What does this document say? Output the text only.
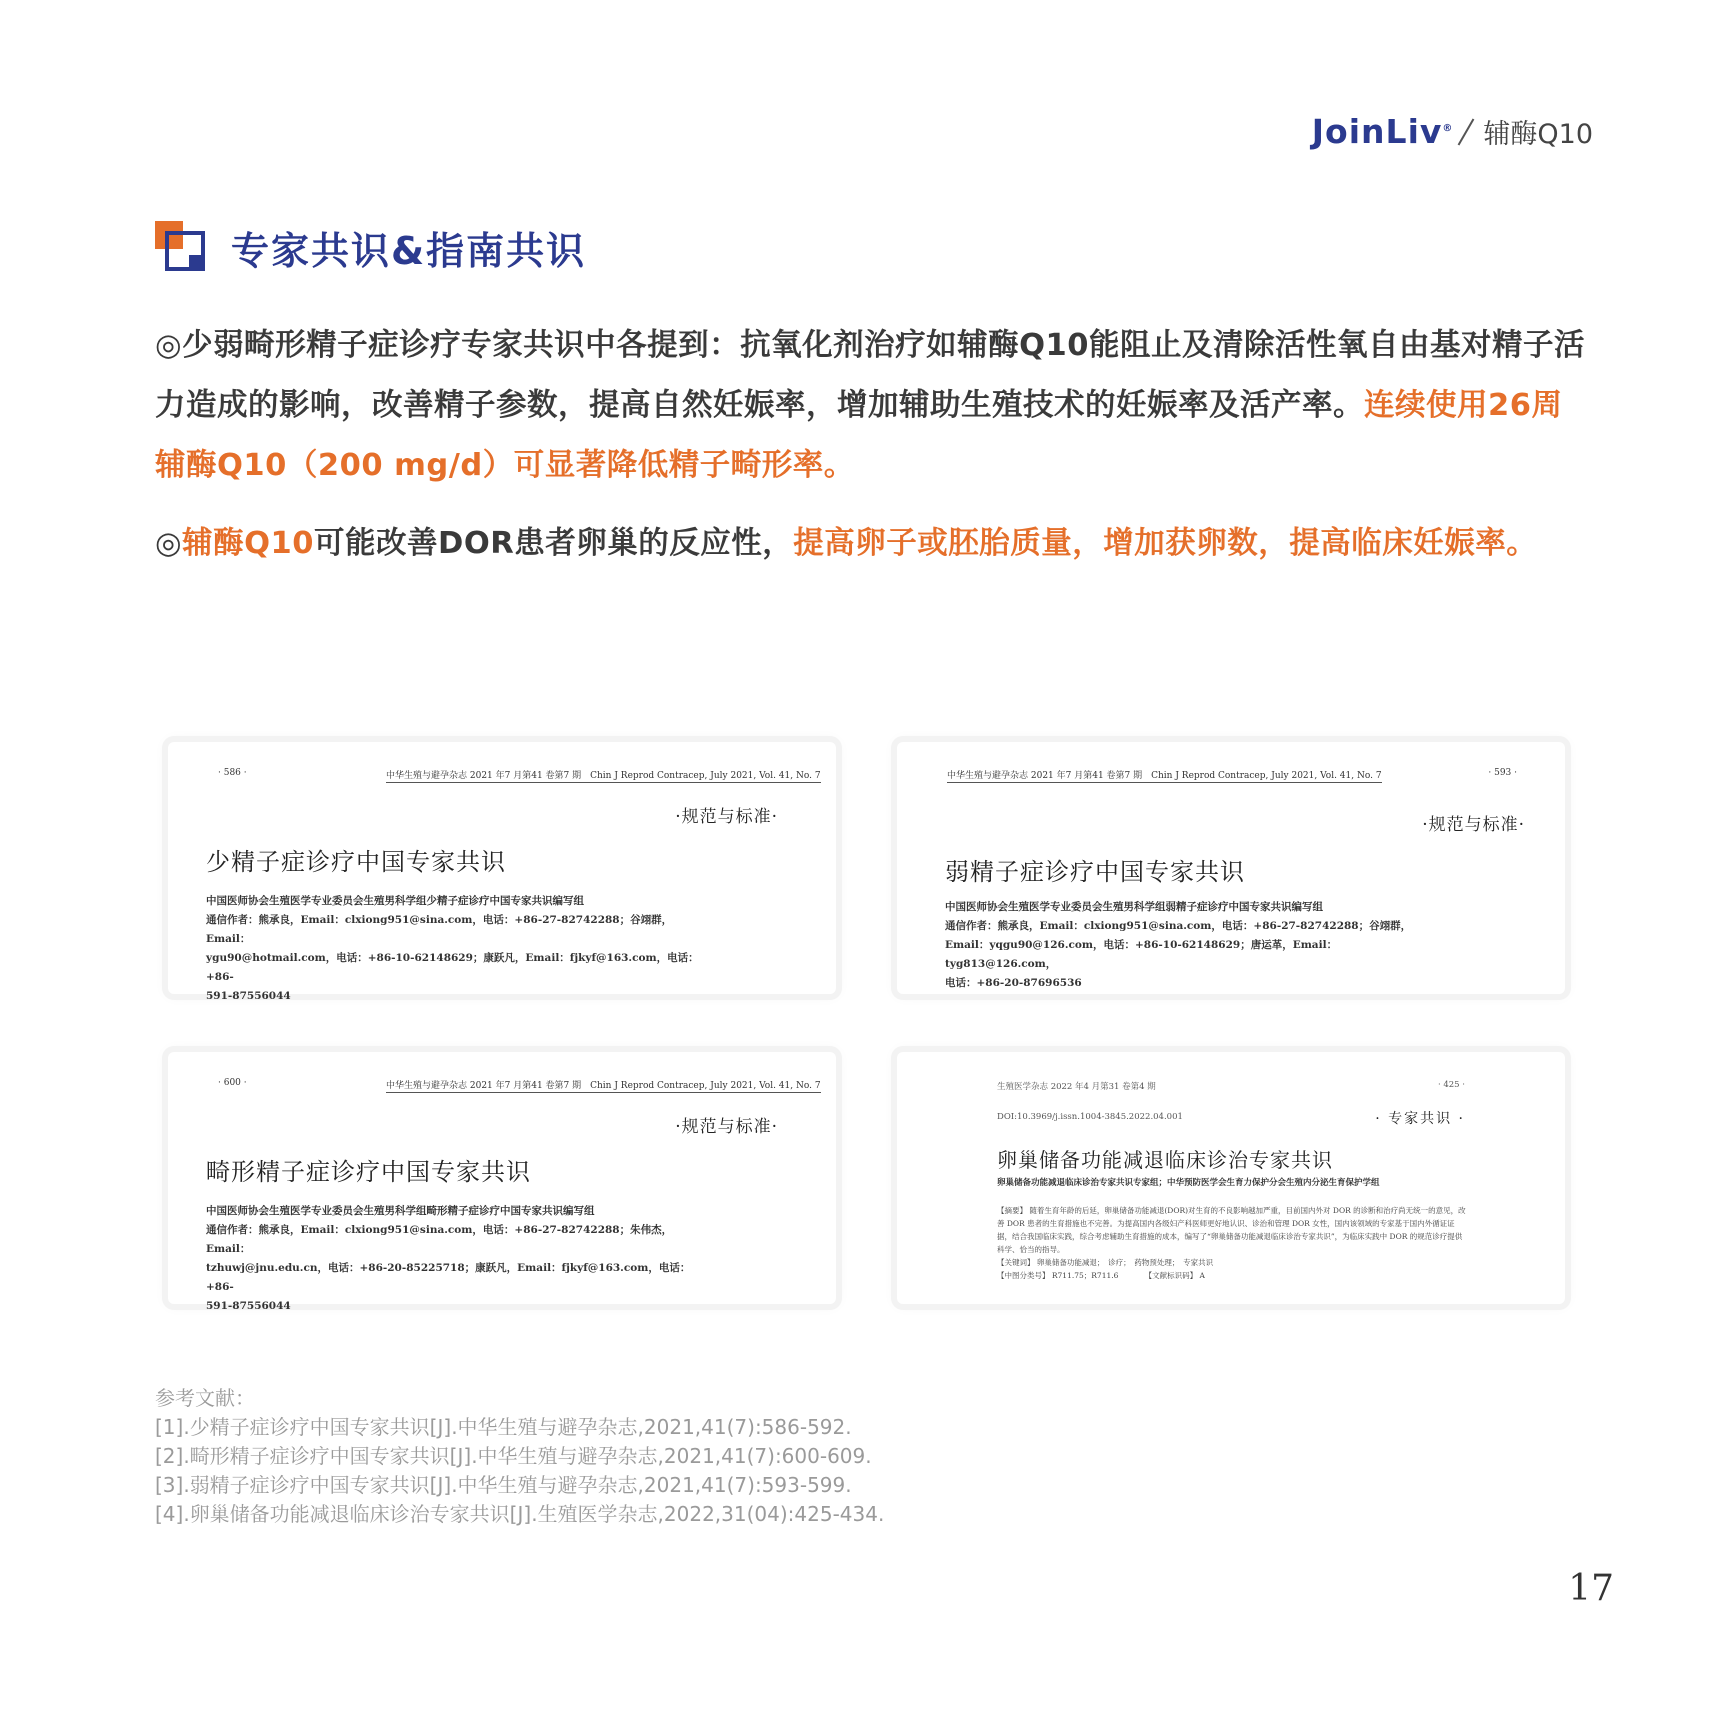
JoinLiv® 辅酶Q10
专家共识&指南共识
◎少弱畸形精子症诊疗专家共识中各提到：抗氧化剂治疗如辅酶Q10能阻止及清除活性氧自由基对精子活力造成的影响，改善精子参数，提高自然妊娠率，增加辅助生殖技术的妊娠率及活产率。连续使用26周辅酶Q10（200 mg/d）可显著降低精子畸形率。
◎辅酶Q10可能改善DOR患者卵巢的反应性，提高卵子或胚胎质量，增加获卵数，提高临床妊娠率。
· 586 ·	中华生殖与避孕杂志 2021 年7 月第41 卷第7 期　Chin J Reprod Contracep, July 2021, Vol. 41, No. 7
·规范与标准·
少精子症诊疗中国专家共识
中国医师协会生殖医学专业委员会生殖男科学组少精子症诊疗中国专家共识编写组
通信作者：熊承良，Email：clxiong951@sina.com，电话：+86-27-82742288；谷翊群，Email：
ygu90@hotmail.com，电话：+86-10-62148629；康跃凡，Email：fjkyf@163.com，电话：+86-
591-87556044
中华生殖与避孕杂志 2021 年7 月第41 卷第7 期　Chin J Reprod Contracep, July 2021, Vol. 41, No. 7	· 593 ·
·规范与标准·
弱精子症诊疗中国专家共识
中国医师协会生殖医学专业委员会生殖男科学组弱精子症诊疗中国专家共识编写组
通信作者：熊承良，Email：clxiong951@sina.com，电话：+86-27-82742288；谷翊群，
Email：yqgu90@126.com，电话：+86-10-62148629；唐运革，Email：tyg813@126.com，
电话：+86-20-87696536
· 600 ·	中华生殖与避孕杂志 2021 年7 月第41 卷第7 期　Chin J Reprod Contracep, July 2021, Vol. 41, No. 7
·规范与标准·
畸形精子症诊疗中国专家共识
中国医师协会生殖医学专业委员会生殖男科学组畸形精子症诊疗中国专家共识编写组
通信作者：熊承良，Email：clxiong951@sina.com，电话：+86-27-82742288；朱伟杰，Email：
tzhuwj@jnu.edu.cn，电话：+86-20-85225718；康跃凡，Email：fjkyf@163.com，电话：+86-
591-87556044
生殖医学杂志 2022 年4 月第31 卷第4 期	· 425 ·
DOI:10.3969/j.issn.1004-3845.2022.04.001	· 专家共识 ·
卵巢储备功能减退临床诊治专家共识
卵巢储备功能减退临床诊治专家共识专家组；中华预防医学会生育力保护分会生殖内分泌生育保护学组
【摘要】 随着生育年龄的后延，卵巢储备功能减退(DOR)对生育的不良影响越加严重，目前国内外对 DOR 的诊断和治疗尚无统一的意见，改善 DOR 患者的生育措施也不完善。为提高国内各级妇产科医师更好地认识、诊治和管理 DOR 女性，国内该领域的专家基于国内外循证证据，结合我国临床实践，综合考虑辅助生育措施的成本，编写了“卵巢储备功能减退临床诊治专家共识”，为临床实践中 DOR 的规范诊疗提供科学、恰当的指导。
【关键词】 卵巢储备功能减退；　诊疗；　药物预处理；　专家共识
【中图分类号】 R711.75；R711.6　　　　【文献标识码】 A
参考文献：
[1].少精子症诊疗中国专家共识[J].中华生殖与避孕杂志,2021,41(7):586-592.
[2].畸形精子症诊疗中国专家共识[J].中华生殖与避孕杂志,2021,41(7):600-609.
[3].弱精子症诊疗中国专家共识[J].中华生殖与避孕杂志,2021,41(7):593-599.
[4].卵巢储备功能减退临床诊治专家共识[J].生殖医学杂志,2022,31(04):425-434.
17
